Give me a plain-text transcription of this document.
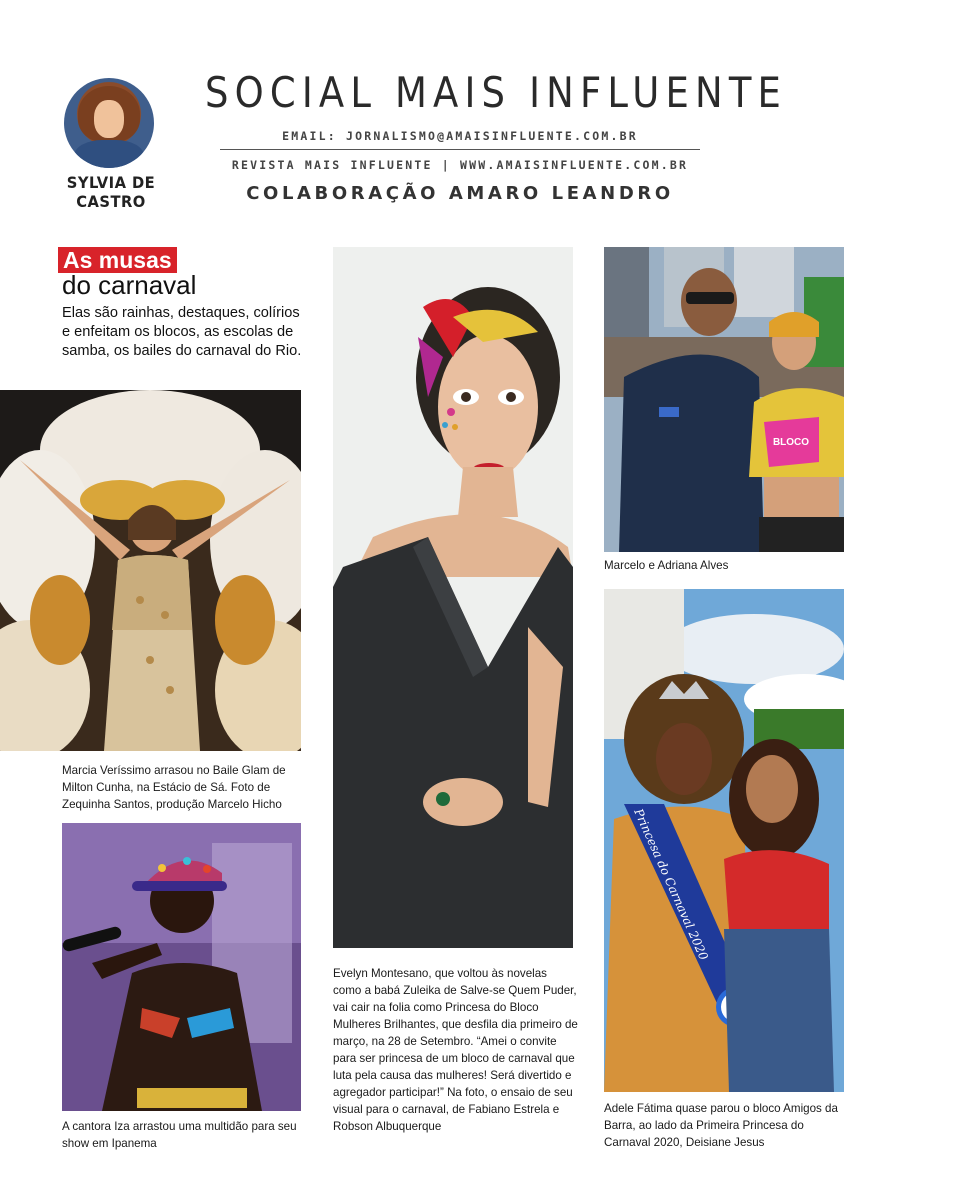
SYLVIA DE CASTRO
SOCIAL MAIS INFLUENTE
EMAIL: JORNALISMO@AMAISINFLUENTE.COM.BR
REVISTA MAIS INFLUENTE | WWW.AMAISINFLUENTE.COM.BR
COLABORAÇÃO AMARO LEANDRO
As musas
do carnaval
Elas são rainhas, destaques, colírios e enfeitam os blocos, as escolas de samba, os bailes do carnaval do Rio.
Marcia Veríssimo arrasou no Baile Glam de Milton Cunha, na Estácio de Sá. Foto de Zequinha Santos, produção Marcelo Hicho
A cantora Iza arrastou uma multidão para seu show em Ipanema
Evelyn Montesano, que voltou às novelas como a babá Zuleika de Salve-se Quem Puder, vai cair na folia como Princesa do Bloco Mulheres Brilhantes, que desfila dia primeiro de março, na 28 de Setembro. “Amei o convite para ser princesa de um bloco de carnaval que luta pela causa das mulheres! Será divertido e agregador participar!” Na foto, o ensaio de seu visual para o carnaval, de Fabiano Estrela e Robson Albuquerque
BLOCO
Marcelo e Adriana Alves
Princesa do Carnaval 2020
Adele Fátima quase parou o bloco Amigos da Barra, ao lado da Primeira Princesa do Carnaval 2020, Deisiane Jesus
